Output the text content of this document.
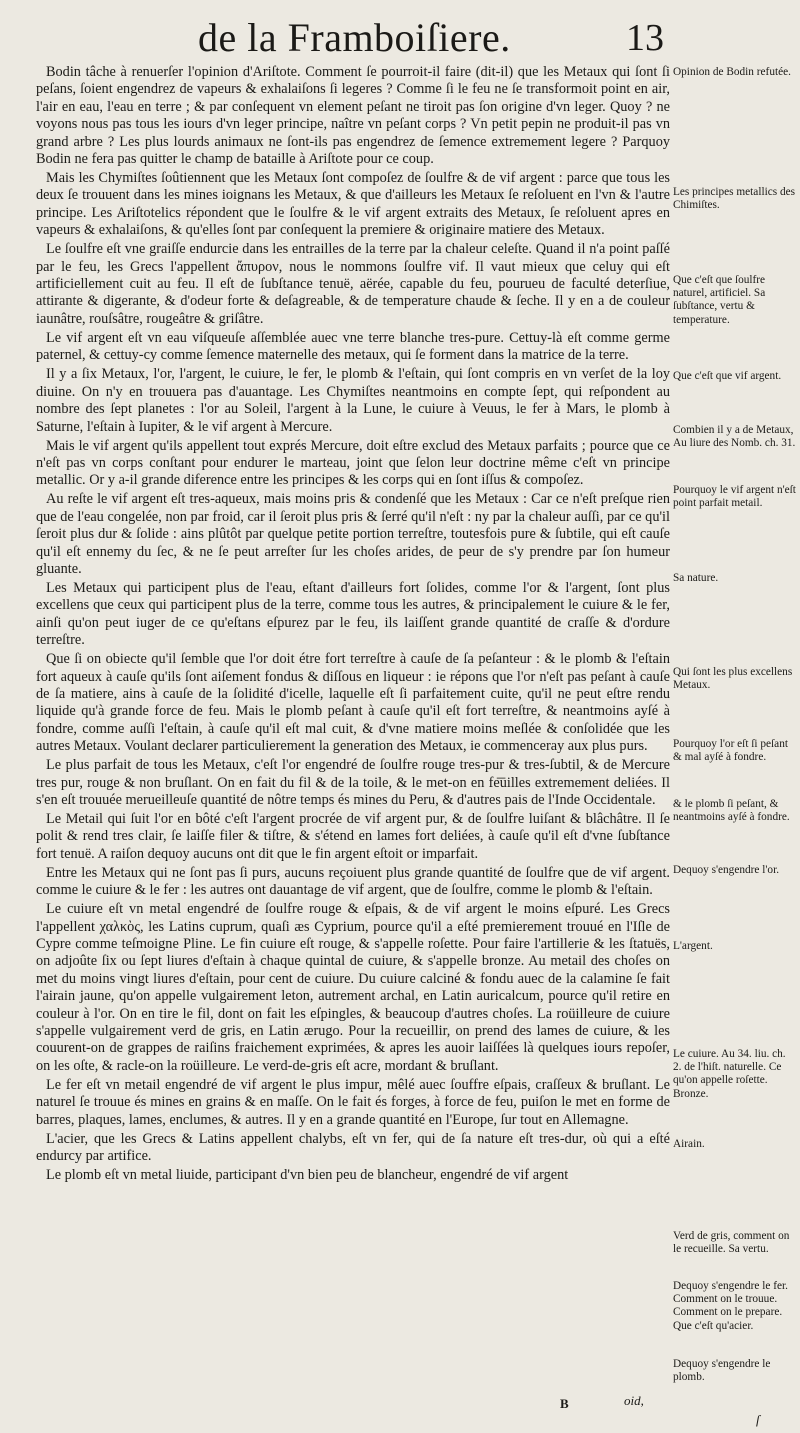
de la Framboiſiere.	13

Bodin tâche à renuerſer l'opinion d'Ariſtote. Comment ſe pourroit-il faire (dit-il) que les Metaux qui ſont ſi peſans, ſoient engendrez de vapeurs & exhalaiſons ſi legeres ? Comme ſi le feu ne ſe transformoit point en air, l'air en eau, l'eau en terre ; & par conſequent vn element peſant ne tiroit pas ſon origine d'vn leger. Quoy ? ne voyons nous pas tous les iours d'vn leger principe, naître vn peſant corps ? Vn petit pepin ne produit-il pas vn grand arbre ? Les plus lourds animaux ne ſont-ils pas engendrez de ſemence extremement legere ? Parquoy Bodin ne fera pas quitter le champ de bataille à Ariſtote pour ce coup.

Mais les Chymiſtes ſoûtiennent que les Metaux ſont compoſez de ſoulfre & de vif argent : parce que tous les deux ſe trouuent dans les mines ioignans les Metaux, & que d'ailleurs les Metaux ſe reſoluent en l'vn & l'autre principe. Les Ariſtotelics répondent que le ſoulfre & le vif argent extraits des Metaux, ſe reſoluent apres en vapeurs & exhalaiſons, & qu'elles ſont par conſequent la premiere & originaire matiere des Metaux.

Le ſoulfre eſt vne graiſſe endurcie dans les entrailles de la terre par la chaleur celeſte. Quand il n'a point paſſé par le feu, les Grecs l'appellent ἄπυρον, nous le nommons ſoulfre vif. Il vaut mieux que celuy qui eſt artificiellement cuit au feu. Il eſt de ſubſtance tenuë, aërée, capable du feu, pourueu de faculté deterſiue, attirante & digerante, & d'odeur forte & deſagreable, & de temperature chaude & ſeche. Il y en a de couleur iaunâtre, rouſsâtre, rougeâtre & griſâtre.

Le vif argent eſt vn eau viſqueuſe aſſemblée auec vne terre blanche tres-pure. Cettuy-là eſt comme germe paternel, & cettuy-cy comme ſemence maternelle des metaux, qui ſe forment dans la matrice de la terre.

Il y a ſix Metaux, l'or, l'argent, le cuiure, le fer, le plomb & l'eſtain, qui ſont compris en vn verſet de la loy diuine. On n'y en trouuera pas d'auantage. Les Chymiſtes neantmoins en compte ſept, qui reſpondent au nombre des ſept planetes : l'or au Soleil, l'argent à la Lune, le cuiure à Veuus, le fer à Mars, le plomb à Saturne, l'eſtain à Iupiter, & le vif argent à Mercure.

Mais le vif argent qu'ils appellent tout exprés Mercure, doit eſtre exclud des Metaux parfaits ; pource que ce n'eſt pas vn corps conſtant pour endurer le marteau, joint que ſelon leur doctrine même c'eſt vn principe metallic. Or y a-il grande diference entre les principes & les corps qui en ſont iſſus & compoſez.

Au reſte le vif argent eſt tres-aqueux, mais moins pris & condenſé que les Metaux : Car ce n'eſt preſque rien que de l'eau congelée, non par froid, car il ſeroit plus pris & ſerré qu'il n'eſt : ny par la chaleur auſſi, par ce qu'il ſeroit plus dur & ſolide : ains plûtôt par quelque petite portion terreſtre, toutesfois pure & ſubtile, qui eſt cauſe qu'il eſt ennemy du ſec, & ne ſe peut arreſter ſur les choſes arides, de peur de s'y prendre par ſon humeur gluante.

Les Metaux qui participent plus de l'eau, eſtant d'ailleurs fort ſolides, comme l'or & l'argent, ſont plus excellens que ceux qui participent plus de la terre, comme tous les autres, & principalement le cuiure & le fer, ainſi qu'on peut iuger de ce qu'eſtans eſpurez par le feu, ils laiſſent grande quantité de craſſe & d'ordure terreſtre.

Que ſi on obiecte qu'il ſemble que l'or doit étre fort terreſtre à cauſe de ſa peſanteur : & le plomb & l'eſtain fort aqueux à cauſe qu'ils ſont aiſement fondus & diſſous en liqueur : ie répons que l'or n'eſt pas peſant à cauſe de ſa matiere, ains à cauſe de la ſolidité d'icelle, laquelle eſt ſi parfaitement cuite, qu'il ne peut eſtre rendu liquide qu'à grande force de feu. Mais le plomb peſant à cauſe qu'il eſt fort terreſtre, & neantmoins ayſé à fondre, comme auſſi l'eſtain, à cauſe qu'il eſt mal cuit, & d'vne matiere moins meſlée & conſolidée que les autres Metaux. Voulant declarer particulierement la generation des Metaux, ie commenceray aux plus purs.

Le plus parfait de tous les Metaux, c'eſt l'or engendré de ſoulfre rouge tres-pur & tres-ſubtil, & de Mercure tres pur, rouge & non bruſlant. On en fait du fil & de la toile, & le met-on en fe͞uilles extremement deliées. Il s'en eſt trouuée merueilleuſe quantité de nôtre temps és mines du Peru, & d'autres pais de l'Inde Occidentale.

Le Metail qui ſuit l'or en bôté c'eſt l'argent procrée de vif argent pur, & de ſoulfre luiſant & blâchâtre. Il ſe polit & rend tres clair, ſe laiſſe filer & tiſtre, & s'étend en lames fort deliées, à cauſe qu'il eſt d'vne ſubſtance fort tenuë. A raiſon dequoy aucuns ont dit que le fin argent eſtoit or imparfait.

Entre les Metaux qui ne ſont pas ſi purs, aucuns reçoiuent plus grande quantité de ſoulfre que de vif argent. comme le cuiure & le fer : les autres ont dauantage de vif argent, que de ſoulfre, comme le plomb & l'eſtain.

Le cuiure eſt vn metal engendré de ſoulfre rouge & eſpais, & de vif argent le moins eſpuré. Les Grecs l'appellent χαλκὸς, les Latins cuprum, quaſi æs Cyprium, pource qu'il a eſté premierement trouué en l'Iſle de Cypre comme teſmoigne Pline. Le fin cuiure eſt rouge, & s'appelle roſette. Pour faire l'artillerie & les ſtatuës, on adjoûte ſix ou ſept liures d'eſtain à chaque quintal de cuiure, & s'appelle bronze. Au metail des choſes on met du moins vingt liures d'eſtain, pour cent de cuiure. Du cuiure calciné & fondu auec de la calamine ſe fait l'airain jaune, qu'on appelle vulgairement leton, autrement archal, en Latin auricalcum, pource qu'il retire en couleur à l'or. On en tire le fil, dont on fait les eſpingles, & beaucoup d'autres choſes. La roüilleure de cuiure s'appelle vulgairement verd de gris, en Latin ærugo. Pour la recueillir, on prend des lames de cuiure, & les couurent-on de grappes de raiſins fraichement exprimées, & apres les auoir laiſſées là quelques iours repoſer, on les oſte, & racle-on la roüilleure. Le verd-de-gris eſt acre, mordant & bruſlant.

Le fer eſt vn metail engendré de vif argent le plus impur, mêlé auec ſouffre eſpais, craſſeux & bruſlant. Le naturel ſe trouue és mines en grains & en maſſe. On le fait és forges, à force de feu, puiſon le met en forme de barres, plaques, lames, enclumes, & autres. Il y en a grande quantité en l'Europe, ſur tout en Allemagne.

L'acier, que les Grecs & Latins appellent chalybs, eſt vn fer, qui de ſa nature eſt tres-dur, où qui a eſté endurcy par artifice.

Le plomb eſt vn metal liuide, participant d'vn bien peu de blancheur, engendré de vif argent

Opinion de Bodin refutée.
Les principes metallics des Chimiſtes.
Que c'eſt que ſoulfre naturel, artificiel. Sa ſubſtance, vertu & temperature.
Que c'eſt que vif argent.
Combien il y a de Metaux, Au liure des Nomb. ch. 31.
Pourquoy le vif argent n'eſt point parfait metail.
Sa nature.
Qui ſont les plus excellens Metaux.
Pourquoy l'or eſt ſi peſant & mal ayſé à fondre.
& le plomb ſi peſant, & neantmoins ayſé à fondre.
Dequoy s'engendre l'or.
L'argent.
Le cuiure. Au 34. liu. ch. 2. de l'hiſt. naturelle. Ce qu'on appelle roſette. Bronze.
Airain.
Verd de gris, comment on le recueille. Sa vertu.
Dequoy s'engendre le fer. Comment on le trouue. Comment on le prepare. Que c'eſt qu'acier.
Dequoy s'engendre le plomb.
B	oid,
ſ
